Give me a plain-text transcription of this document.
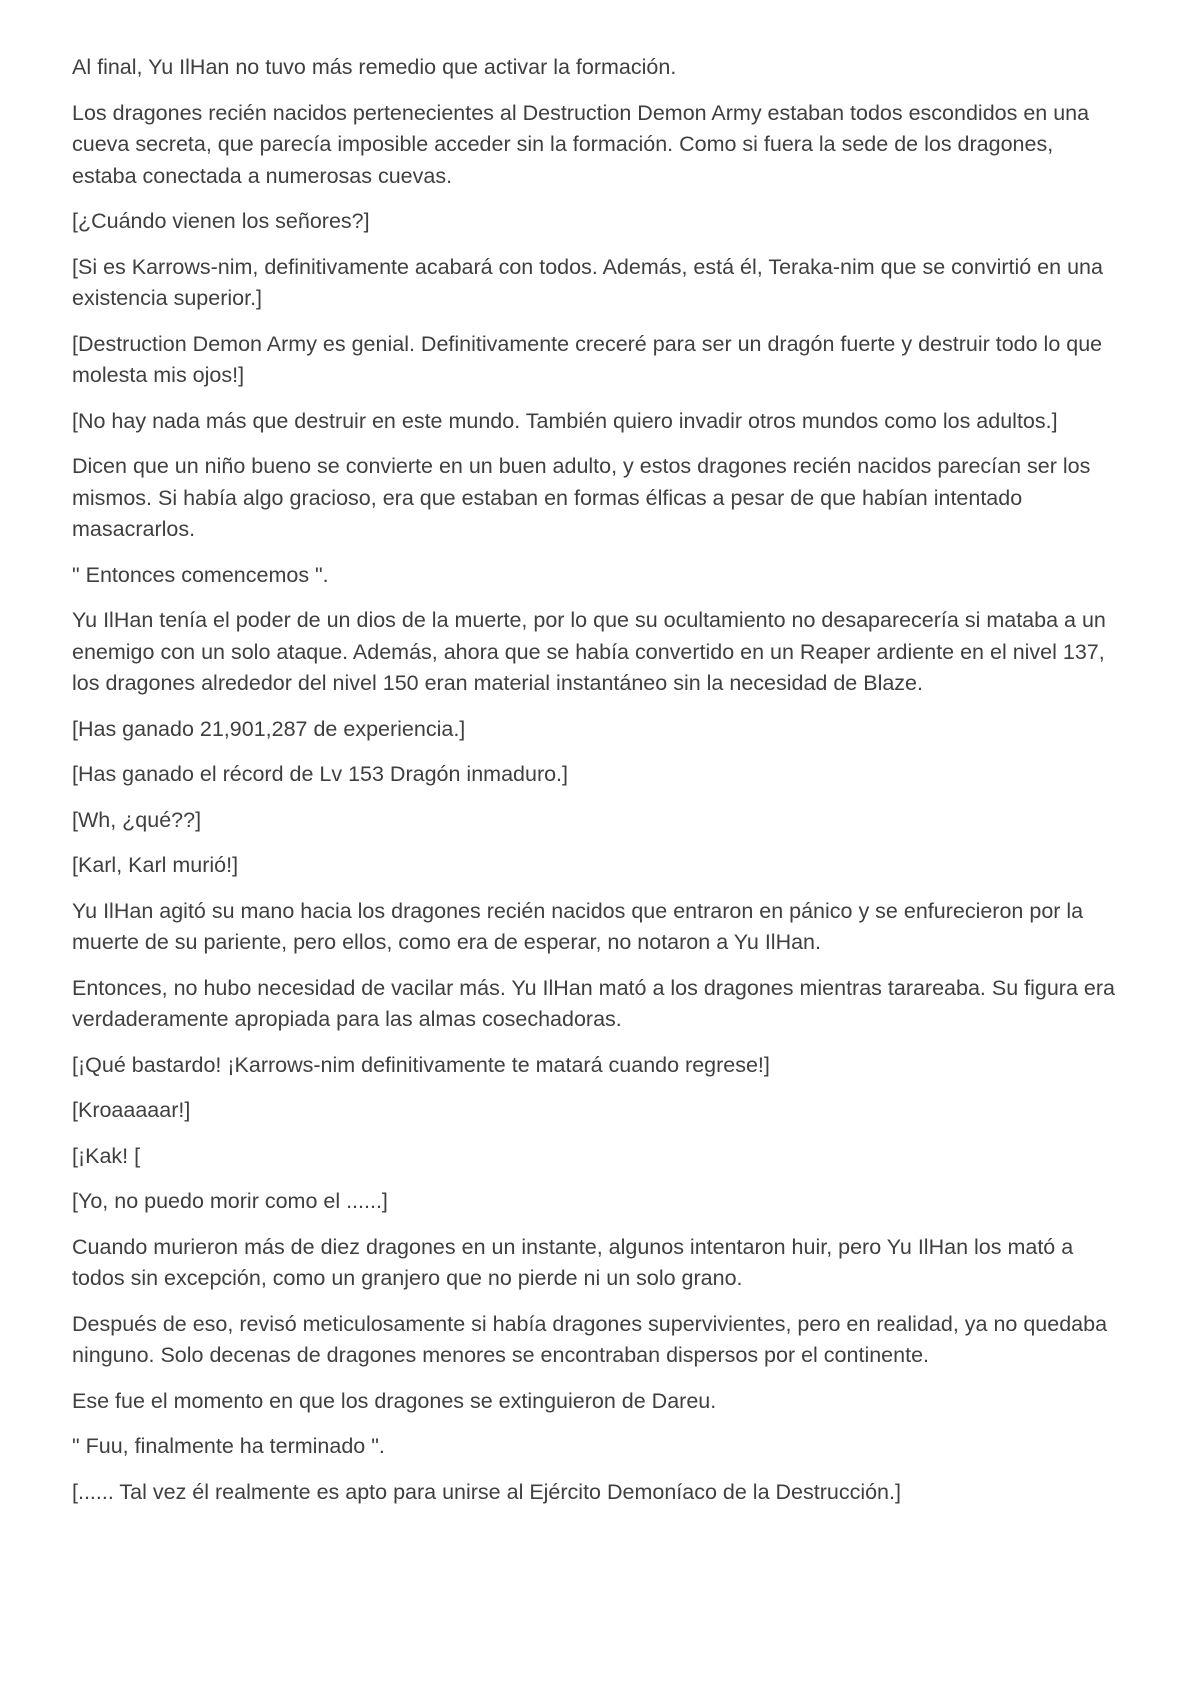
Al final, Yu IlHan no tuvo más remedio que activar la formación.

Los dragones recién nacidos pertenecientes al Destruction Demon Army estaban todos escondidos en una cueva secreta, que parecía imposible acceder sin la formación. Como si fuera la sede de los dragones, estaba conectada a numerosas cuevas.

[¿Cuándo vienen los señores?]

[Si es Karrows-nim, definitivamente acabará con todos. Además, está él, Teraka-nim que se convirtió en una existencia superior.]

[Destruction Demon Army es genial. Definitivamente creceré para ser un dragón fuerte y destruir todo lo que molesta mis ojos!]

[No hay nada más que destruir en este mundo. También quiero invadir otros mundos como los adultos.]

Dicen que un niño bueno se convierte en un buen adulto, y estos dragones recién nacidos parecían ser los mismos. Si había algo gracioso, era que estaban en formas élficas a pesar de que habían intentado masacrarlos.

" Entonces comencemos ".

Yu IlHan tenía el poder de un dios de la muerte, por lo que su ocultamiento no desaparecería si mataba a un enemigo con un solo ataque. Además, ahora que se había convertido en un Reaper ardiente en el nivel 137, los dragones alrededor del nivel 150 eran material instantáneo sin la necesidad de Blaze.

[Has ganado 21,901,287 de experiencia.]

[Has ganado el récord de Lv 153 Dragón inmaduro.]

[Wh, ¿qué??]

[Karl, Karl murió!]

Yu IlHan agitó su mano hacia los dragones recién nacidos que entraron en pánico y se enfurecieron por la muerte de su pariente, pero ellos, como era de esperar, no notaron a Yu IlHan.

Entonces, no hubo necesidad de vacilar más. Yu IlHan mató a los dragones mientras tarareaba. Su figura era verdaderamente apropiada para las almas cosechadoras.

[¡Qué bastardo! ¡Karrows-nim definitivamente te matará cuando regrese!]

[Kroaaaaar!]

[¡Kak! [

[Yo, no puedo morir como el ......]

Cuando murieron más de diez dragones en un instante, algunos intentaron huir, pero Yu IlHan los mató a todos sin excepción, como un granjero que no pierde ni un solo grano.

Después de eso, revisó meticulosamente si había dragones supervivientes, pero en realidad, ya no quedaba ninguno. Solo decenas de dragones menores se encontraban dispersos por el continente.

Ese fue el momento en que los dragones se extinguieron de Dareu.

" Fuu, finalmente ha terminado ".

[...... Tal vez él realmente es apto para unirse al Ejército Demoníaco de la Destrucción.]
